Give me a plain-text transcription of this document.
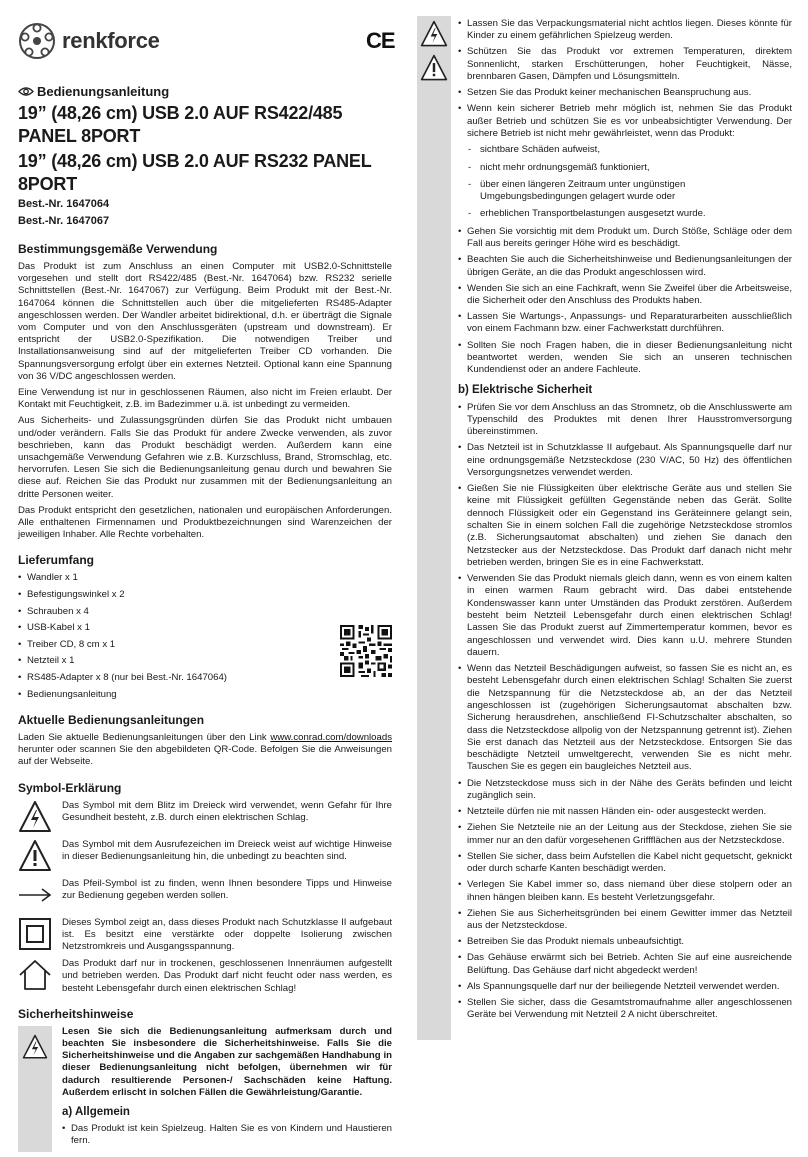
renkforce	CE
Bedienungsanleitung
19” (48,26 cm) USB 2.0 AUF RS422/485 PANEL 8PORT
19” (48,26 cm) USB 2.0 AUF RS232 PANEL 8PORT
Best.-Nr. 1647064
Best.-Nr. 1647067
Bestimmungsgemäße Verwendung

Das Produkt ist zum Anschluss an einen Computer mit USB2.0-Schnittstelle vorgesehen und stellt dort RS422/485 (Best.-Nr. 1647064) bzw. RS232 serielle Schnittstellen (Best.-Nr. 1647067) zur Verfügung. Beim Produkt mit der Best.-Nr. 1647064 können die Schnittstellen auch über die mitgelieferten RS485-Adapter angeschlossen werden. Der Wandler arbeitet bidirektional, d.h. er überträgt die Signale vom Computer und von den Anschlussgeräten (upstream und downstream). Er entspricht der USB2.0-Spezifikation. Die notwendigen Treiber und Installationsanweisung sind auf der mitgelieferten Treiber CD vorhanden. Die Spannungsversorgung erfolgt über ein externes Netzteil. Optional kann eine Spannung von 36 V/DC angeschlossen werden.

Eine Verwendung ist nur in geschlossenen Räumen, also nicht im Freien erlaubt. Der Kontakt mit Feuchtigkeit, z.B. im Badezimmer u.ä. ist unbedingt zu vermeiden.

Aus Sicherheits- und Zulassungsgründen dürfen Sie das Produkt nicht umbauen und/oder verändern. Falls Sie das Produkt für andere Zwecke verwenden, als zuvor beschrieben, kann das Produkt beschädigt werden. Außerdem kann eine unsachgemäße Verwendung Gefahren wie z.B. Kurzschluss, Brand, Stromschlag, etc. hervorrufen. Lesen Sie sich die Bedienungsanleitung genau durch und bewahren Sie diese auf. Reichen Sie das Produkt nur zusammen mit der Bedienungsanleitung an dritte Personen weiter.

Das Produkt entspricht den gesetzlichen, nationalen und europäischen Anforderungen. Alle enthaltenen Firmennamen und Produktbezeichnungen sind Warenzeichen der jeweiligen Inhaber. Alle Rechte vorbehalten.

Lieferumfang
• Wandler x 1
• Befestigungswinkel x 2
• Schrauben x 4
• USB-Kabel x 1
• Treiber CD, 8 cm x 1
• Netzteil x 1
• RS485-Adapter x 8 (nur bei Best.-Nr. 1647064)
• Bedienungsanleitung
Aktuelle Bedienungsanleitungen

Laden Sie aktuelle Bedienungsanleitungen über den Link www.conrad.com/downloads herunter oder scannen Sie den abgebildeten QR-Code. Befolgen Sie die Anweisungen auf der Webseite.

Symbol-Erklärung
Das Symbol mit dem Blitz im Dreieck wird verwendet, wenn Gefahr für Ihre Gesundheit besteht, z.B. durch einen elektrischen Schlag.
Das Symbol mit dem Ausrufezeichen im Dreieck weist auf wichtige Hinweise in dieser Bedienungsanleitung hin, die unbedingt zu beachten sind.
Das Pfeil-Symbol ist zu finden, wenn Ihnen besondere Tipps und Hinweise zur Bedienung gegeben werden sollen.
Dieses Symbol zeigt an, dass dieses Produkt nach Schutzklasse II aufgebaut ist. Es besitzt eine verstärkte oder doppelte Isolierung zwischen Netzstromkreis und Ausgangsspannung.
Das Produkt darf nur in trockenen, geschlossenen Innenräumen aufgestellt und betrieben werden. Das Produkt darf nicht feucht oder nass werden, es besteht Lebensgefahr durch einen elektrischen Schlag!
Sicherheitshinweise

Lesen Sie sich die Bedienungsanleitung aufmerksam durch und beachten Sie insbesondere die Sicherheitshinweise. Falls Sie die Sicherheitshinweise und die Angaben zur sachgemäßen Handhabung in dieser Bedienungsanleitung nicht befolgen, übernehmen wir für dadurch resultierende Personen-/ Sachschäden keine Haftung. Außerdem erlischt in solchen Fällen die Gewährleistung/Garantie.

a) Allgemein
• Das Produkt ist kein Spielzeug. Halten Sie es von Kindern und Haustieren fern.
• Lassen Sie das Verpackungsmaterial nicht achtlos liegen. Dieses könnte für Kinder zu einem gefährlichen Spielzeug werden.
• Schützen Sie das Produkt vor extremen Temperaturen, direktem Sonnenlicht, starken Erschütterungen, hoher Feuchtigkeit, Nässe, brennbaren Gasen, Dämpfen und Lösungsmitteln.
• Setzen Sie das Produkt keiner mechanischen Beanspruchung aus.
• Wenn kein sicherer Betrieb mehr möglich ist, nehmen Sie das Produkt außer Betrieb und schützen Sie es vor unbeabsichtigter Verwendung. Der sichere Betrieb ist nicht mehr gewährleistet, wenn das Produkt:
- sichtbare Schäden aufweist,
- nicht mehr ordnungsgemäß funktioniert,
- über einen längeren Zeitraum unter ungünstigen Umgebungsbedingungen gelagert wurde oder
- erheblichen Transportbelastungen ausgesetzt wurde.
• Gehen Sie vorsichtig mit dem Produkt um. Durch Stöße, Schläge oder dem Fall aus bereits geringer Höhe wird es beschädigt.
• Beachten Sie auch die Sicherheitshinweise und Bedienungsanleitungen der übrigen Geräte, an die das Produkt angeschlossen wird.
• Wenden Sie sich an eine Fachkraft, wenn Sie Zweifel über die Arbeitsweise, die Sicherheit oder den Anschluss des Produkts haben.
• Lassen Sie Wartungs-, Anpassungs- und Reparaturarbeiten ausschließlich von einem Fachmann bzw. einer Fachwerkstatt durchführen.
• Sollten Sie noch Fragen haben, die in dieser Bedienungsanleitung nicht beantwortet werden, wenden Sie sich an unseren technischen Kundendienst oder an andere Fachleute.
b) Elektrische Sicherheit
• Prüfen Sie vor dem Anschluss an das Stromnetz, ob die Anschlusswerte am Typenschild des Produktes mit denen Ihrer Hausstromversorgung übereinstimmen.
• Das Netzteil ist in Schutzklasse II aufgebaut. Als Spannungsquelle darf nur eine ordnungsgemäße Netzsteckdose (230 V/AC, 50 Hz) des öffentlichen Versorgungsnetzes verwendet werden.
• Gießen Sie nie Flüssigkeiten über elektrische Geräte aus und stellen Sie keine mit Flüssigkeit gefüllten Gegenstände neben das Gerät. Sollte dennoch Flüssigkeit oder ein Gegenstand ins Geräteinnere gelangt sein, schalten Sie in einem solchen Fall die zugehörige Netzsteckdose stromlos (z.B. Sicherungsautomat abschalten) und ziehen Sie danach den Netzstecker aus der Netzsteckdose. Das Produkt darf danach nicht mehr betrieben werden, bringen Sie es in eine Fachwerkstatt.
• Verwenden Sie das Produkt niemals gleich dann, wenn es von einem kalten in einen warmen Raum gebracht wird. Das dabei entstehende Kondenswasser kann unter Umständen das Produkt zerstören. Außerdem besteht beim Netzteil Lebensgefahr durch einen elektrischen Schlag! Lassen Sie das Produkt zuerst auf Zimmertemperatur kommen, bevor es angeschlossen und verwendet wird. Dies kann u.U. mehrere Stunden dauern.
• Wenn das Netzteil Beschädigungen aufweist, so fassen Sie es nicht an, es besteht Lebensgefahr durch einen elektrischen Schlag! Schalten Sie zuerst die Netzspannung für die Netzsteckdose ab, an der das Netzteil angeschlossen ist (zugehörigen Sicherungsautomat abschalten bzw. Sicherung herausdrehen, anschließend FI-Schutzschalter abschalten, so dass die Netzsteckdose allpolig von der Netzspannung getrennt ist). Ziehen Sie erst danach das Netzteil aus der Netzsteckdose. Entsorgen Sie das beschädigte Netzteil umweltgerecht, verwenden Sie es nicht mehr. Tauschen Sie es gegen ein baugleiches Netzteil aus.
• Die Netzsteckdose muss sich in der Nähe des Geräts befinden und leicht zugänglich sein.
• Netzteile dürfen nie mit nassen Händen ein- oder ausgesteckt werden.
• Ziehen Sie Netzteile nie an der Leitung aus der Steckdose, ziehen Sie sie immer nur an den dafür vorgesehenen Griffflächen aus der Netzsteckdose.
• Stellen Sie sicher, dass beim Aufstellen die Kabel nicht gequetscht, geknickt oder durch scharfe Kanten beschädigt werden.
• Verlegen Sie Kabel immer so, dass niemand über diese stolpern oder an ihnen hängen bleiben kann. Es besteht Verletzungsgefahr.
• Ziehen Sie aus Sicherheitsgründen bei einem Gewitter immer das Netzteil aus der Netzsteckdose.
• Betreiben Sie das Produkt niemals unbeaufsichtigt.
• Das Gehäuse erwärmt sich bei Betrieb. Achten Sie auf eine ausreichende Belüftung. Das Gehäuse darf nicht abgedeckt werden!
• Als Spannungsquelle darf nur der beiliegende Netzteil verwendet werden.
• Stellen Sie sicher, dass die Gesamtstromaufnahme aller angeschlossenen Geräte bei Verwendung mit Netzteil 2 A nicht überschreitet.
